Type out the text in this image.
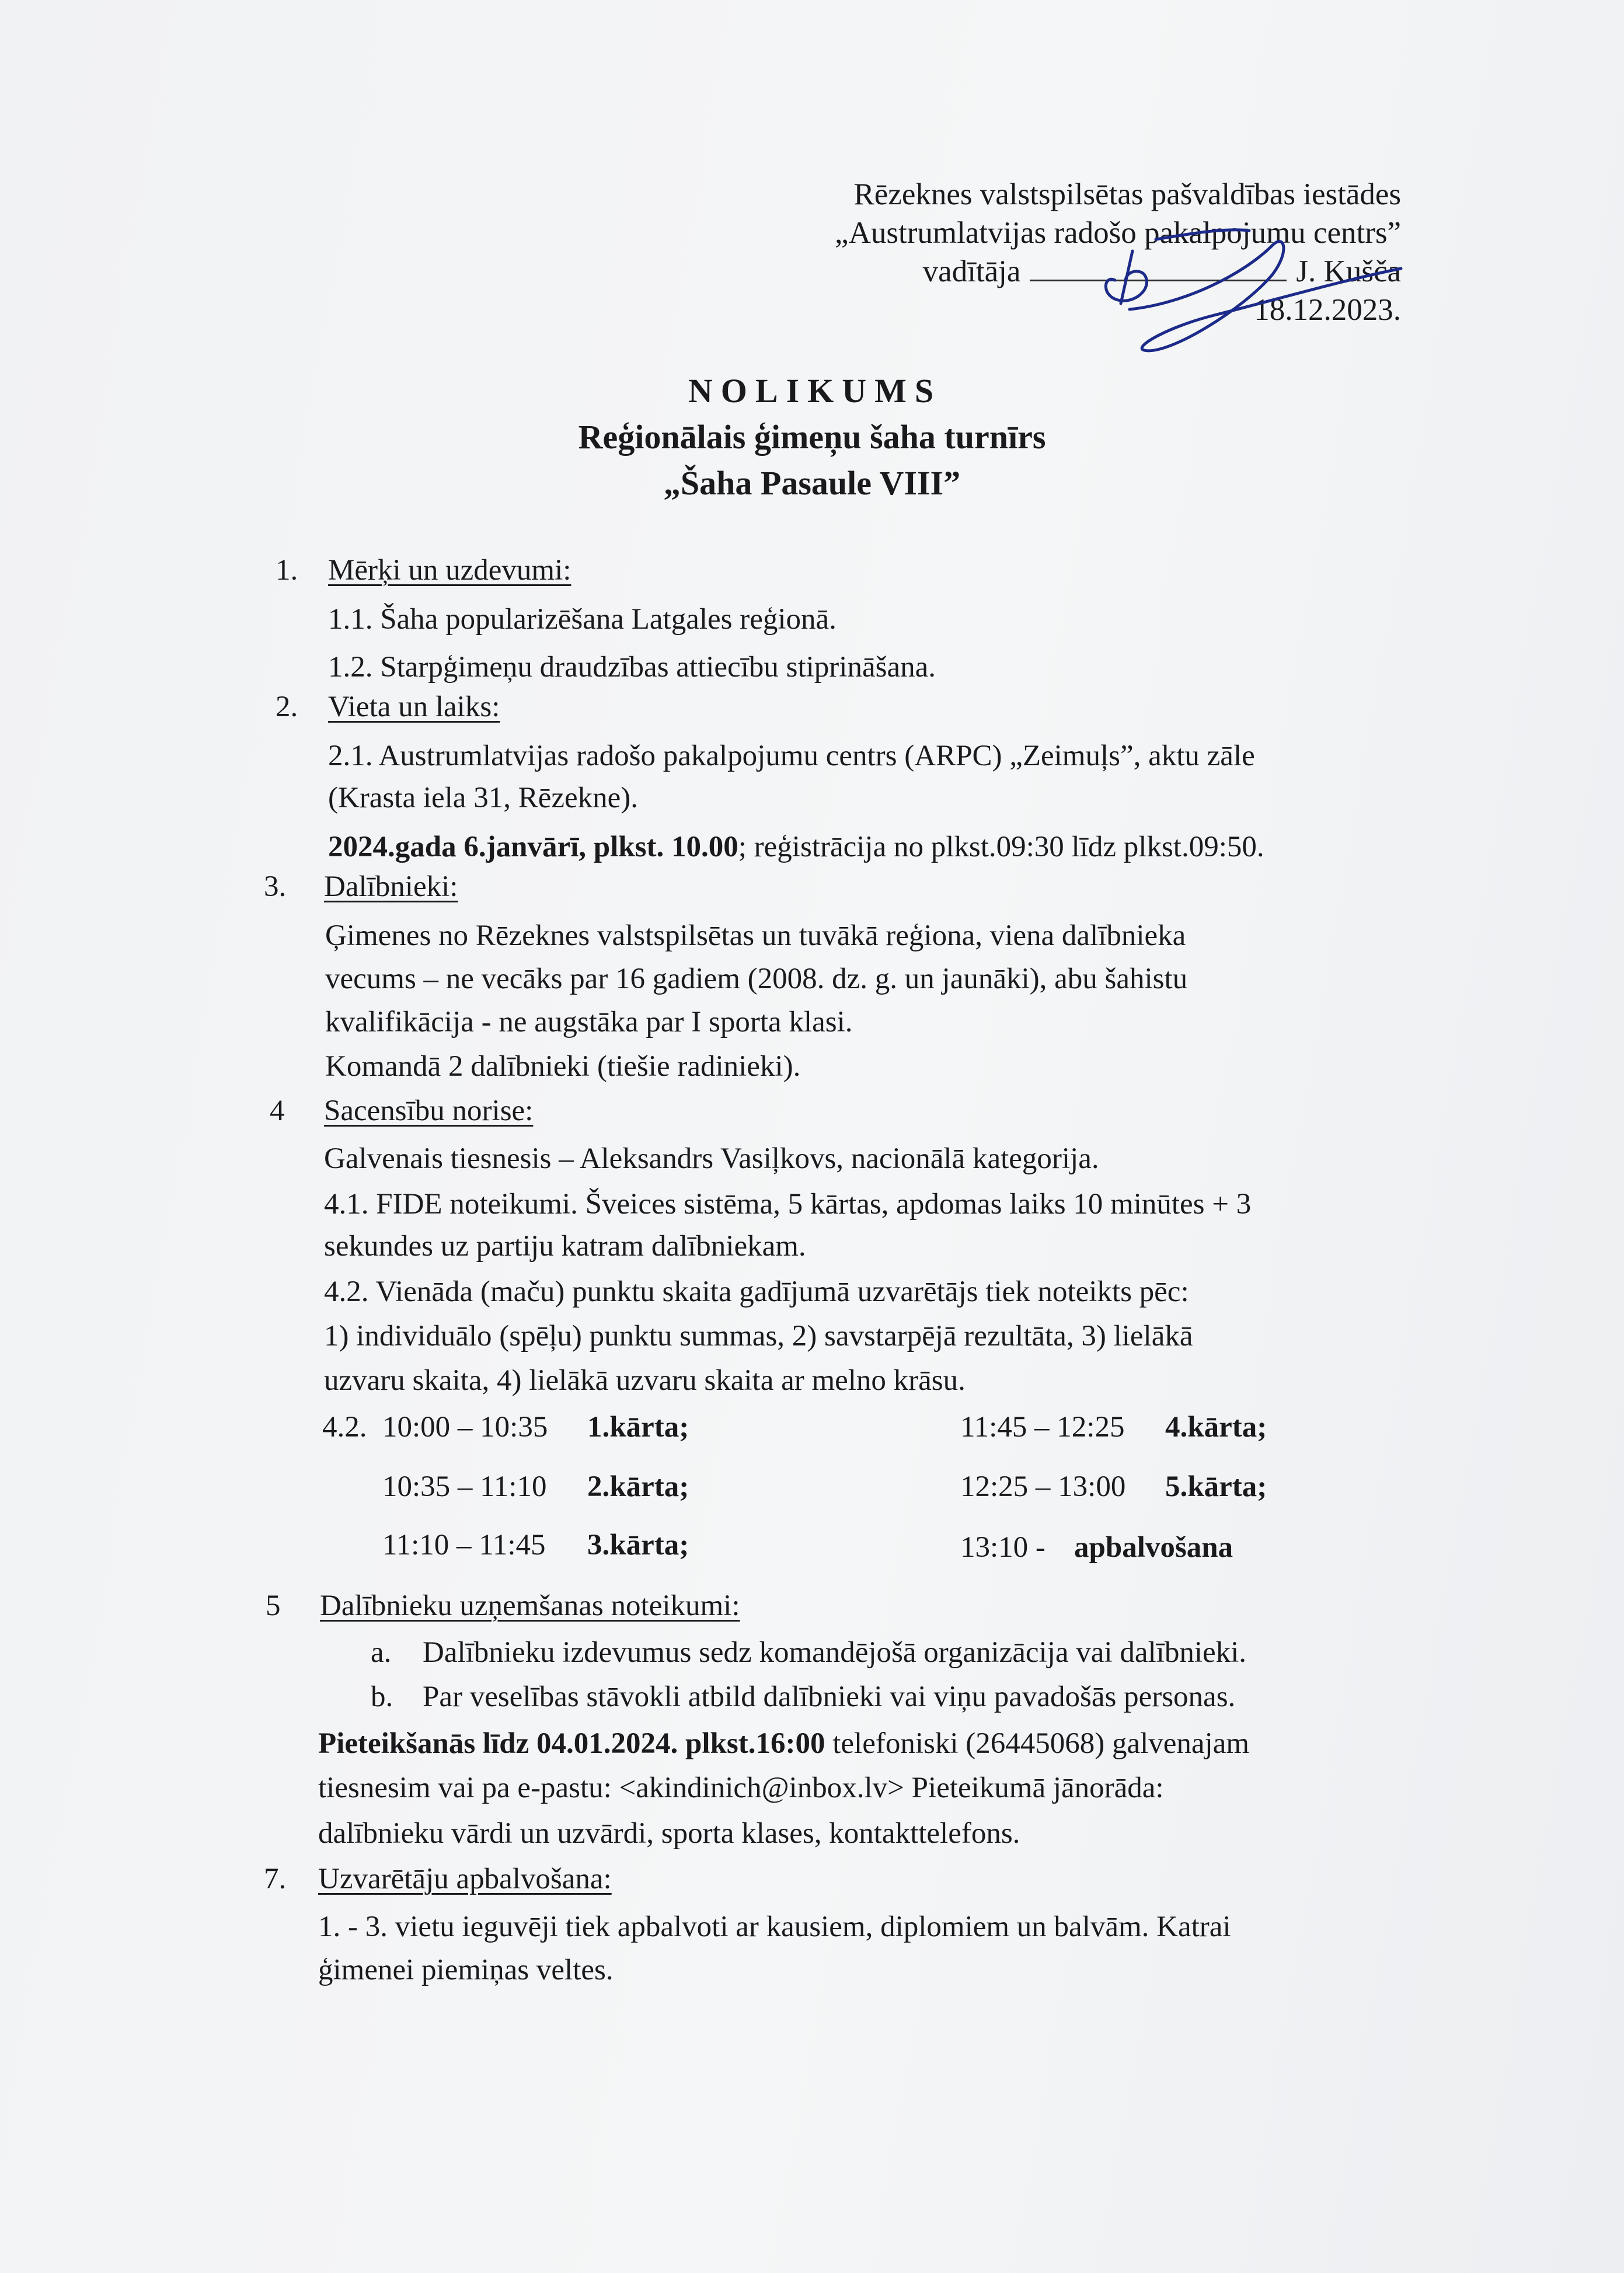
Rēzeknes valstspilsētas pašvaldības iestādes
„Austrumlatvijas radošo pakalpojumu centrs”
vadītāja	J. Kušča
18.12.2023.
NOLIKUMS
Reģionālais ģimeņu šaha turnīrs
„Šaha Pasaule VIII”
1. Mērķi un uzdevumi:
1.1. Šaha popularizēšana Latgales reģionā.
1.2. Starpģimeņu draudzības attiecību stiprināšana.
2. Vieta un laiks:
2.1. Austrumlatvijas radošo pakalpojumu centrs (ARPC) „Zeimuļs”, aktu zāle
(Krasta iela 31, Rēzekne).
2024.gada 6.janvārī, plkst. 10.00; reģistrācija no plkst.09:30 līdz plkst.09:50.
3. Dalībnieki:
Ģimenes no Rēzeknes valstspilsētas un tuvākā reģiona, viena dalībnieka
vecums – ne vecāks par 16 gadiem (2008. dz. g. un jaunāki), abu šahistu
kvalifikācija - ne augstāka par I sporta klasi.
Komandā 2 dalībnieki (tiešie radinieki).
4 Sacensību norise:
Galvenais tiesnesis – Aleksandrs Vasiļkovs, nacionālā kategorija.
4.1. FIDE noteikumi. Šveices sistēma, 5 kārtas, apdomas laiks 10 minūtes + 3
sekundes uz partiju katram dalībniekam.
4.2. Vienāda (maču) punktu skaita gadījumā uzvarētājs tiek noteikts pēc:
1) individuālo (spēļu) punktu summas, 2) savstarpējā rezultāta, 3) lielākā
uzvaru skaita, 4) lielākā uzvaru skaita ar melno krāsu.
4.2. 10:00 – 10:35 1.kārta;
10:35 – 11:10 2.kārta;
11:10 – 11:45 3.kārta;
11:45 – 12:25 4.kārta;
12:25 – 13:00 5.kārta;
13:10 - apbalvošana
5 Dalībnieku uzņemšanas noteikumi:
a. Dalībnieku izdevumus sedz komandējošā organizācija vai dalībnieki.
b. Par veselības stāvokli atbild dalībnieki vai viņu pavadošās personas.
Pieteikšanās līdz 04.01.2024. plkst.16:00 telefoniski (26445068) galvenajam
tiesnesim vai pa e-pastu: <akindinich@inbox.lv> Pieteikumā jānorāda:
dalībnieku vārdi un uzvārdi, sporta klases, kontakttelefons.
7. Uzvarētāju apbalvošana:
1. - 3. vietu ieguvēji tiek apbalvoti ar kausiem, diplomiem un balvām. Katrai
ģimenei piemiņas veltes.
